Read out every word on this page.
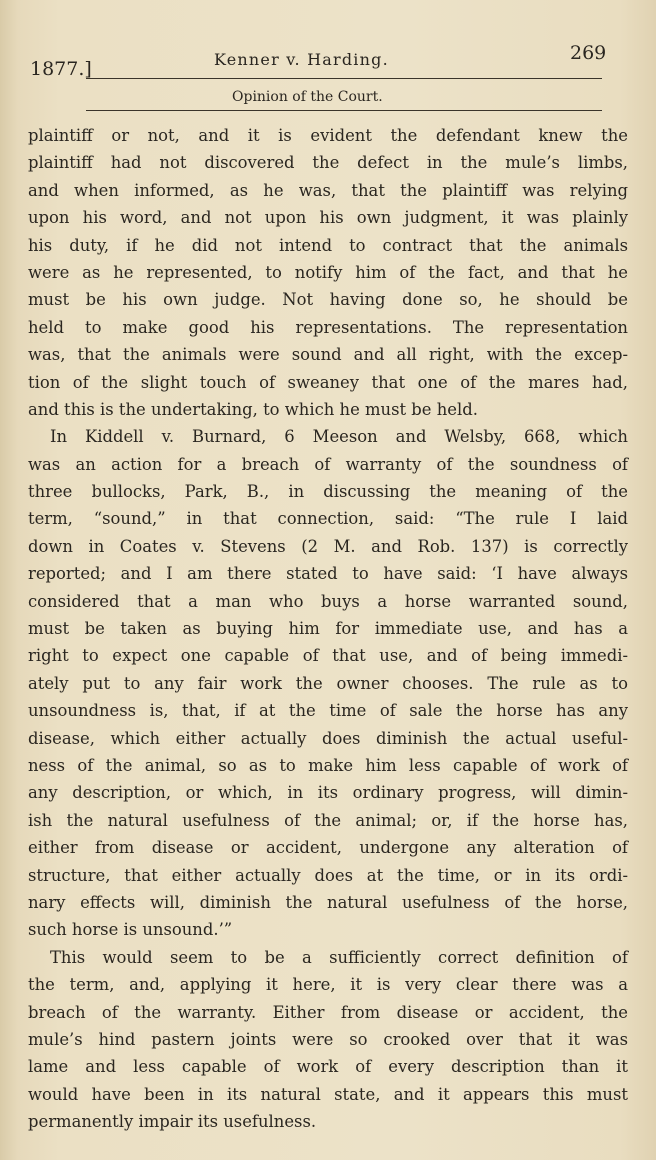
1877.]	Kenner v. Harding.	269
Opinion of the Court.
plaintiff or not, and it is evident the defendant knew the
plaintiff had not discovered the defect in the mule’s limbs,
and when informed, as he was, that the plaintiff was relying
upon his word, and not upon his own judgment, it was plainly
his duty, if he did not intend to contract that the animals
were as he represented, to notify him of the fact, and that he
must be his own judge. Not having done so, he should be
held to make good his representations. The representation
was, that the animals were sound and all right, with the excep-
tion of the slight touch of sweaney that one of the mares had,
and this is the undertaking, to which he must be held.
In Kiddell v. Burnard, 6 Meeson and Welsby, 668, which
was an action for a breach of warranty of the soundness of
three bullocks, Park, B., in discussing the meaning of the
term, “sound,” in that connection, said: “The rule I laid
down in Coates v. Stevens (2 M. and Rob. 137) is correctly
reported; and I am there stated to have said: ‘I have always
considered that a man who buys a horse warranted sound,
must be taken as buying him for immediate use, and has a
right to expect one capable of that use, and of being immedi-
ately put to any fair work the owner chooses. The rule as to
unsoundness is, that, if at the time of sale the horse has any
disease, which either actually does diminish the actual useful-
ness of the animal, so as to make him less capable of work of
any description, or which, in its ordinary progress, will dimin-
ish the natural usefulness of the animal; or, if the horse has,
either from disease or accident, undergone any alteration of
structure, that either actually does at the time, or in its ordi-
nary effects will, diminish the natural usefulness of the horse,
such horse is unsound.’”
This would seem to be a sufficiently correct definition of
the term, and, applying it here, it is very clear there was a
breach of the warranty. Either from disease or accident, the
mule’s hind pastern joints were so crooked over that it was
lame and less capable of work of every description than it
would have been in its natural state, and it appears this must
permanently impair its usefulness.
